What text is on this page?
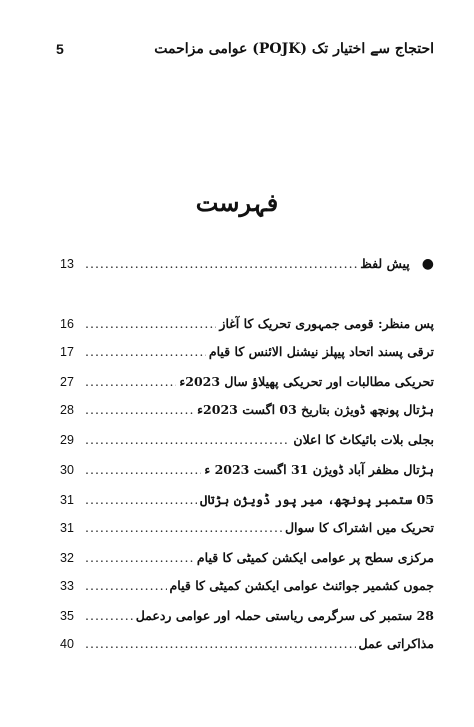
5	احتجاج سے اختیار تک (POJK) عوامی مزاحمت
فہرست
●
پیش لفظ
.....
13
پس منظر: قومی جمہوری تحریک کا آغاز
.....
16
ترقی پسند اتحاد پیپلز نیشنل الائنس کا قیام
.....
17
تحریکی مطالبات اور تحریکی پھیلاؤ سال 2023ء
.....
27
ہڑتال پونچھ ڈویژن بتاریخ 03 اگست 2023ء
.....
28
بجلی بلات بائیکاٹ کا اعلان
.....
29
ہڑتال مظفر آباد ڈویژن 31 اگست 2023 ء
.....
30
05 ستمبر پونچھ، میر پور ڈویژن ہڑتال
.....
31
تحریک میں اشتراک کا سوال
.....
31
مرکزی سطح پر عوامی ایکشن کمیٹی کا قیام
.....
32
جموں کشمیر جوائنٹ عوامی ایکشن کمیٹی کا قیام
.....
33
28 ستمبر کی سرگرمی ریاستی حملہ اور عوامی ردعمل
.....
35
مذاکراتی عمل
.....
40
